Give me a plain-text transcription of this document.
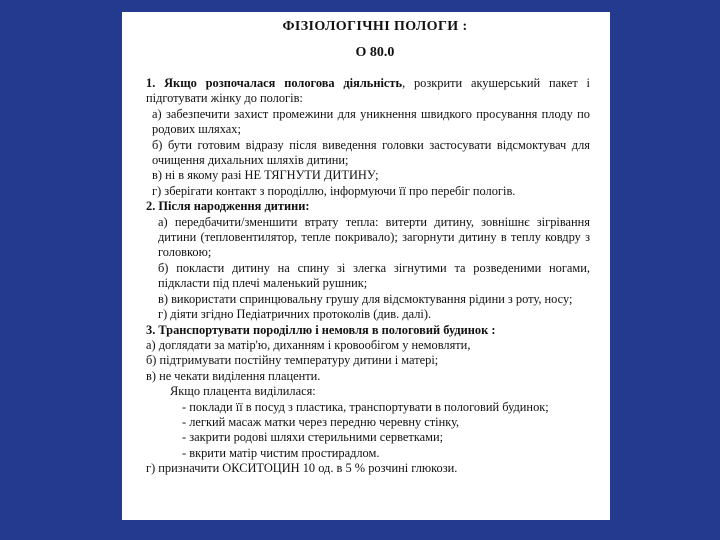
ФІЗІОЛОГІЧНІ ПОЛОГИ :
О 80.0

1. Якщо розпочалася пологова діяльність, розкрити акушерський пакет і підготувати жінку до пологів:

а) забезпечити захист промежини для уникнення швидкого просування плоду по родових шляхах;

б) бути готовим відразу після виведення головки застосувати відсмоктувач для очищення дихальних шляхів дитини;

в) ні в якому разі НЕ ТЯГНУТИ ДИТИНУ;

г) зберігати контакт з породіллю, інформуючи її про перебіг пологів.

2. Після народження дитини:

а) передбачити/зменшити втрату тепла: витерти дитину, зовнішнє зігрівання дитини (тепловентилятор, тепле покривало); загорнути дитину в теплу ковдру з головкою;

б) покласти дитину на спину зі злегка зігнутими та розведеними ногами, підкласти під плечі маленький рушник;

в) використати спринцювальну грушу для відсмоктування рідини з роту, носу;

г) діяти згідно Педіатричних протоколів (див. далі).

3. Транспортувати породіллю і немовля в пологовий будинок :

а) доглядати за матір'ю, диханням і кровообігом у немовляти,

б) підтримувати постійну температуру дитини і матері;

в) не чекати виділення плаценти.

Якщо плацента виділилася:

- поклади її в посуд з пластика, транспортувати в пологовий будинок;

- легкий масаж матки через передню черевну стінку,

- закрити родові шляхи стерильними серветками;

- вкрити матір чистим простирадлом.

г) призначити ОКСИТОЦИН 10 од. в 5 % розчині глюкози.
